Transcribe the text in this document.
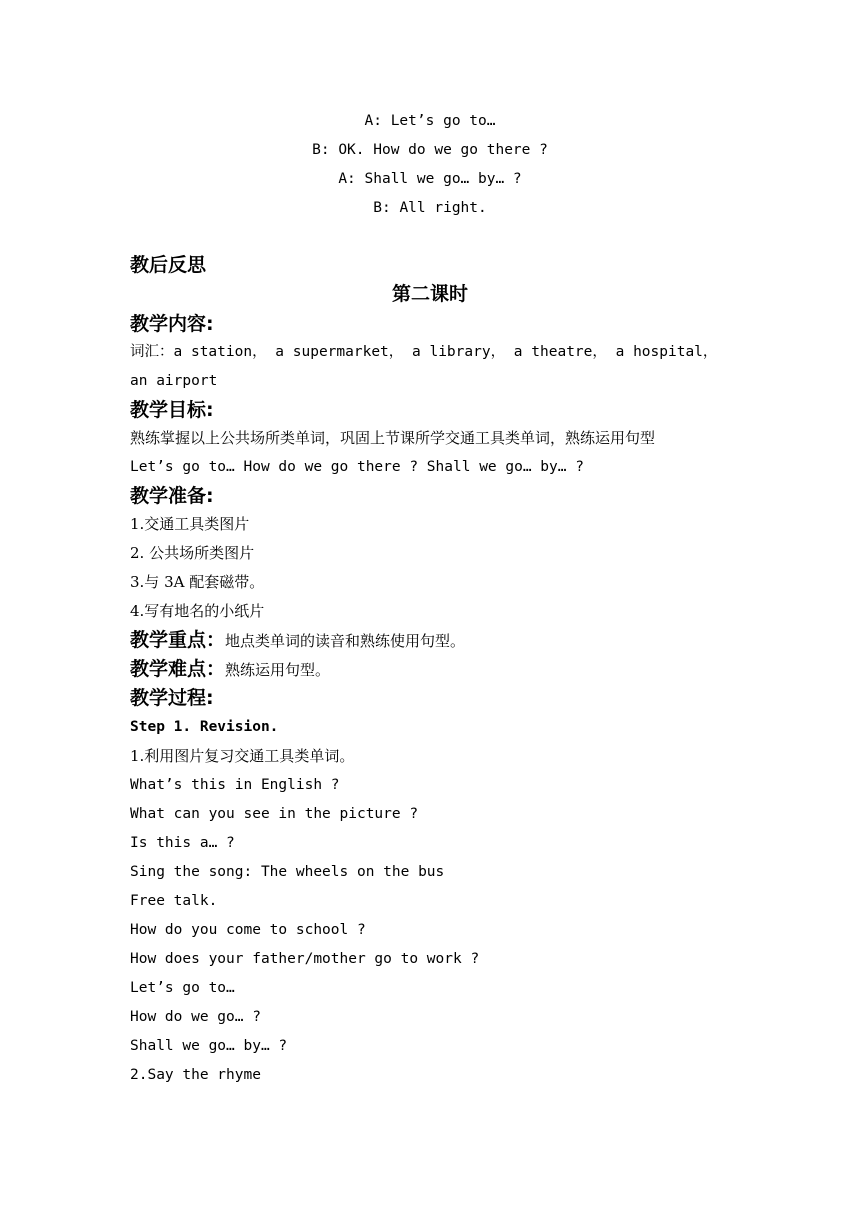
A: Let’s go to…
B: OK. How do we go there ?
A: Shall we go… by… ?
B: All right.
教后反思
第二课时
教学内容:
词汇：a station， a supermarket， a library， a theatre， a hospital，
an airport
教学目标:
熟练掌握以上公共场所类单词，巩固上节课所学交通工具类单词，熟练运用句型
Let’s go to… How do we go there ? Shall we go… by… ?
教学准备:
1.交通工具类图片
2. 公共场所类图片
3.与 3A 配套磁带。
4.写有地名的小纸片
教学重点：地点类单词的读音和熟练使用句型。
教学难点：熟练运用句型。
教学过程:
Step 1. Revision.
1.利用图片复习交通工具类单词。
What’s this in English ?
What can you see in the picture ?
Is this a… ?
Sing the song: The wheels on the bus
Free talk.
How do you come to school ?
How does your father/mother go to work ?
Let’s go to…
How do we go… ?
Shall we go… by… ?
2.Say the rhyme
